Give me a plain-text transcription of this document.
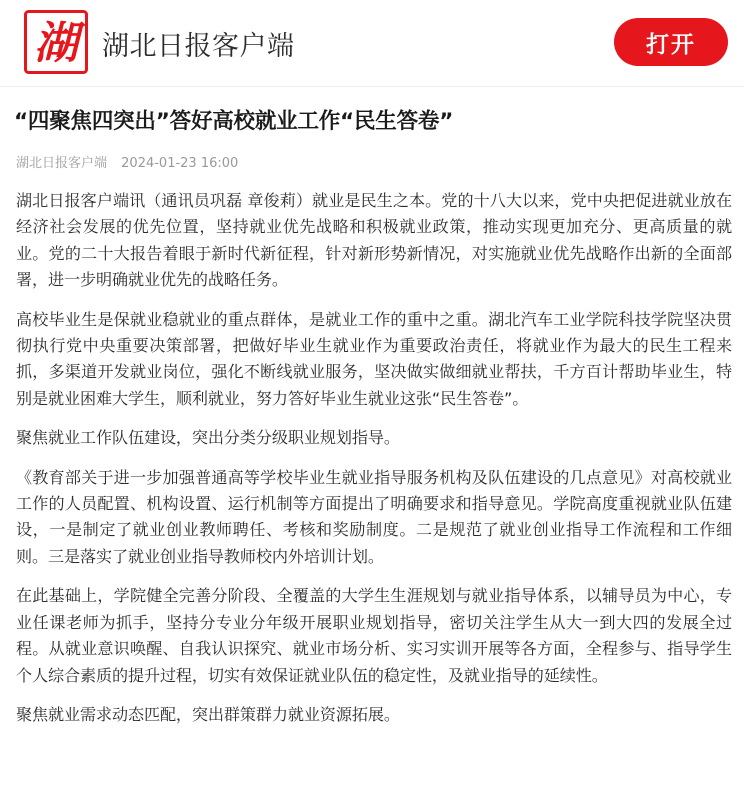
湖 湖北日报客户端	打开
“四聚焦四突出”答好高校就业工作“民生答卷”
湖北日报客户端 2024-01-23 16:00

湖北日报客户端讯（通讯员巩磊 章俊莉）就业是民生之本。党的十八大以来，党中央把促进就业放在经济社会发展的优先位置，坚持就业优先战略和积极就业政策，推动实现更加充分、更高质量的就业。党的二十大报告着眼于新时代新征程，针对新形势新情况，对实施就业优先战略作出新的全面部署，进一步明确就业优先的战略任务。

高校毕业生是保就业稳就业的重点群体，是就业工作的重中之重。湖北汽车工业学院科技学院坚决贯彻执行党中央重要决策部署，把做好毕业生就业作为重要政治责任，将就业作为最大的民生工程来抓，多渠道开发就业岗位，强化不断线就业服务，坚决做实做细就业帮扶，千方百计帮助毕业生，特别是就业困难大学生，顺利就业，努力答好毕业生就业这张“民生答卷”。

聚焦就业工作队伍建设，突出分类分级职业规划指导。

《教育部关于进一步加强普通高等学校毕业生就业指导服务机构及队伍建设的几点意见》对高校就业工作的人员配置、机构设置、运行机制等方面提出了明确要求和指导意见。学院高度重视就业队伍建设，一是制定了就业创业教师聘任、考核和奖励制度。二是规范了就业创业指导工作流程和工作细则。三是落实了就业创业指导教师校内外培训计划。

在此基础上，学院健全完善分阶段、全覆盖的大学生生涯规划与就业指导体系，以辅导员为中心，专业任课老师为抓手，坚持分专业分年级开展职业规划指导，密切关注学生从大一到大四的发展全过程。从就业意识唤醒、自我认识探究、就业市场分析、实习实训开展等各方面，全程参与、指导学生个人综合素质的提升过程，切实有效保证就业队伍的稳定性，及就业指导的延续性。

聚焦就业需求动态匹配，突出群策群力就业资源拓展。
